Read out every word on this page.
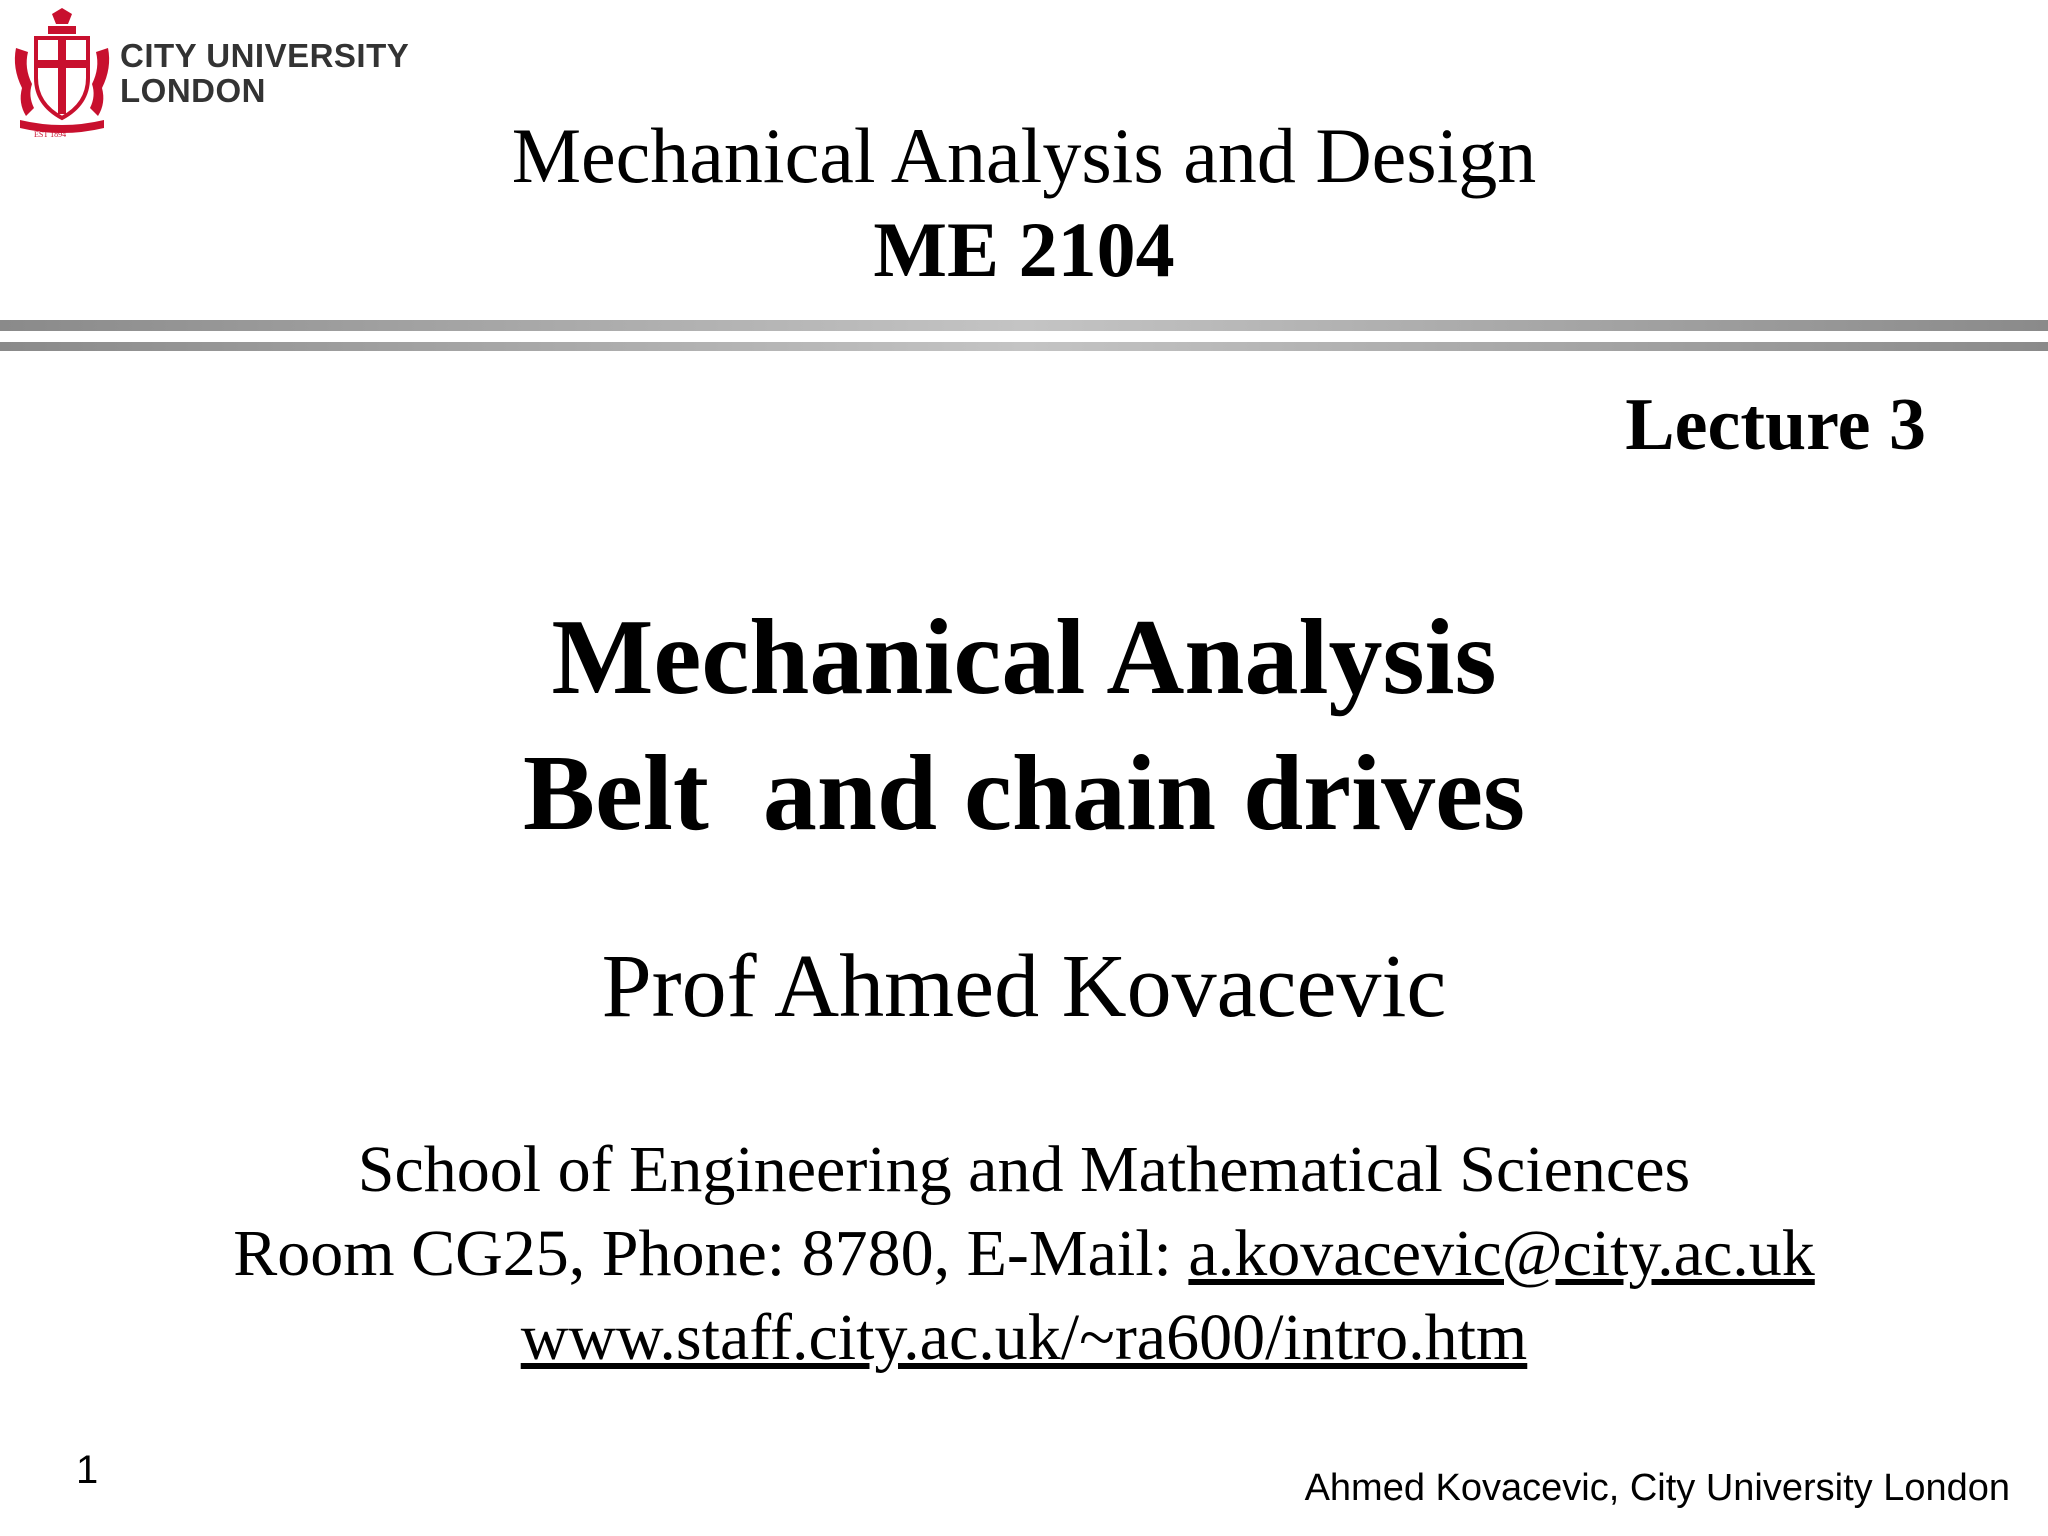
CITY UNIVERSITY
LONDON
EST 1894	Mechanical Analysis and Design
ME 2104
Lecture 3
Mechanical Analysis
Belt  and chain drives
Prof Ahmed Kovacevic
School of Engineering and Mathematical Sciences
Room CG25, Phone: 8780, E-Mail: a.kovacevic@city.ac.uk
www.staff.city.ac.uk/~ra600/intro.htm
1	Ahmed Kovacevic, City University London
